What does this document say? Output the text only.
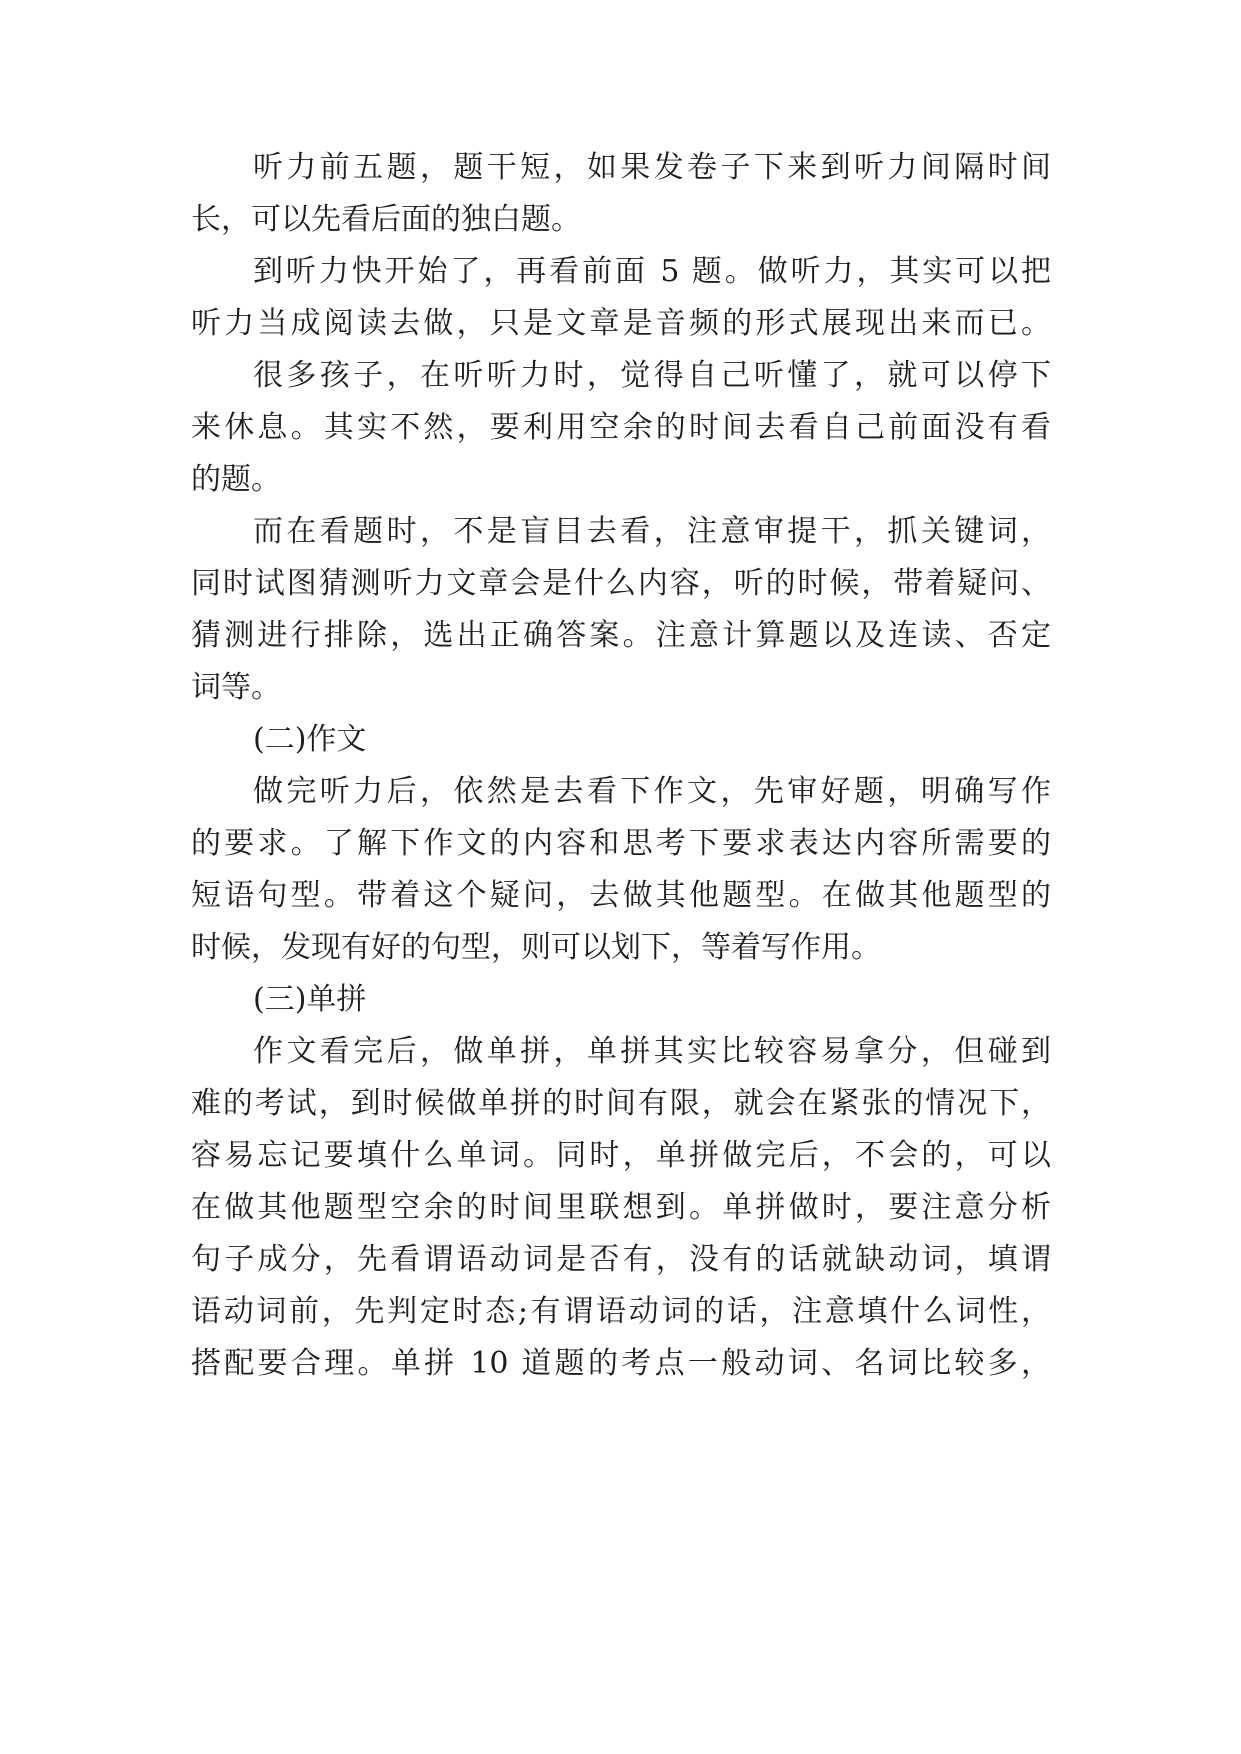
听力前五题，题干短，如果发卷子下来到听力间隔时间
长，可以先看后面的独白题。
到听力快开始了，再看前面 5 题。做听力，其实可以把
听力当成阅读去做，只是文章是音频的形式展现出来而已。
很多孩子，在听听力时，觉得自己听懂了，就可以停下
来休息。其实不然，要利用空余的时间去看自己前面没有看
的题。
而在看题时，不是盲目去看，注意审提干，抓关键词，
同时试图猜测听力文章会是什么内容，听的时候，带着疑问、
猜测进行排除，选出正确答案。注意计算题以及连读、否定
词等。
(二)作文
做完听力后，依然是去看下作文，先审好题，明确写作
的要求。了解下作文的内容和思考下要求表达内容所需要的
短语句型。带着这个疑问，去做其他题型。在做其他题型的
时候，发现有好的句型，则可以划下，等着写作用。
(三)单拼
作文看完后，做单拼，单拼其实比较容易拿分，但碰到
难的考试，到时候做单拼的时间有限，就会在紧张的情况下，
容易忘记要填什么单词。同时，单拼做完后，不会的，可以
在做其他题型空余的时间里联想到。单拼做时，要注意分析
句子成分，先看谓语动词是否有，没有的话就缺动词，填谓
语动词前，先判定时态;有谓语动词的话，注意填什么词性，
搭配要合理。单拼 10 道题的考点一般动词、名词比较多，
